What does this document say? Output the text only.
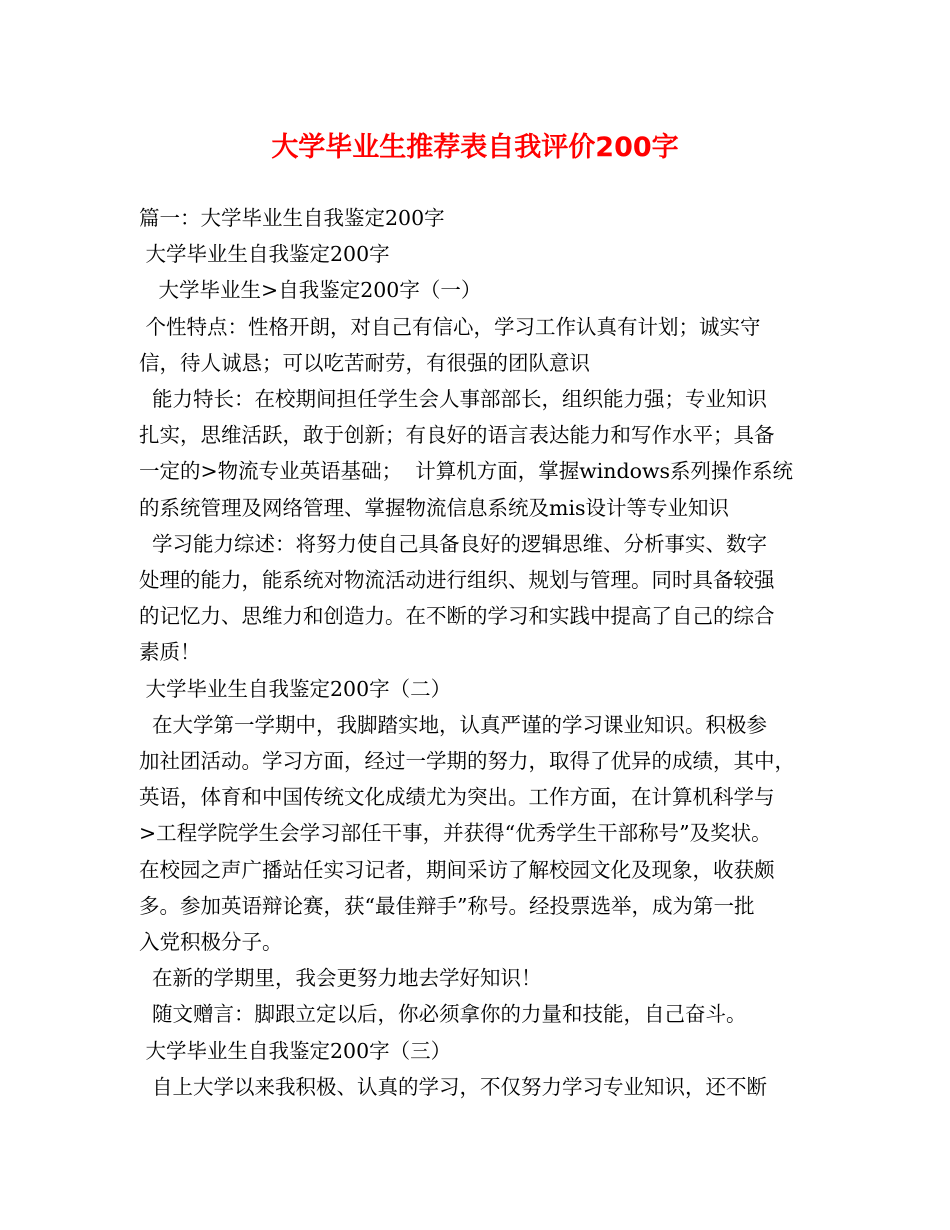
大学毕业生推荐表自我评价200字

篇一：大学毕业生自我鉴定200字

大学毕业生自我鉴定200字

大学毕业生>自我鉴定200字（一）

个性特点：性格开朗，对自己有信心，学习工作认真有计划；诚实守

信，待人诚恳；可以吃苦耐劳，有很强的团队意识

能力特长：在校期间担任学生会人事部部长，组织能力强；专业知识

扎实，思维活跃，敢于创新；有良好的语言表达能力和写作水平；具备

一定的>物流专业英语基础；  计算机方面，掌握windows系列操作系统

的系统管理及网络管理、掌握物流信息系统及mis设计等专业知识

学习能力综述：将努力使自己具备良好的逻辑思维、分析事实、数字

处理的能力，能系统对物流活动进行组织、规划与管理。同时具备较强

的记忆力、思维力和创造力。在不断的学习和实践中提高了自己的综合

素质！

大学毕业生自我鉴定200字（二）

在大学第一学期中，我脚踏实地，认真严谨的学习课业知识。积极参

加社团活动。学习方面，经过一学期的努力，取得了优异的成绩，其中，

英语，体育和中国传统文化成绩尤为突出。工作方面，在计算机科学与

>工程学院学生会学习部任干事，并获得“优秀学生干部称号”及奖状。

在校园之声广播站任实习记者，期间采访了解校园文化及现象，收获颇

多。参加英语辩论赛，获“最佳辩手”称号。经投票选举，成为第一批

入党积极分子。

在新的学期里，我会更努力地去学好知识！

随文赠言：脚跟立定以后，你必须拿你的力量和技能，自己奋斗。

大学毕业生自我鉴定200字（三）

自上大学以来我积极、认真的学习，不仅努力学习专业知识，还不断
